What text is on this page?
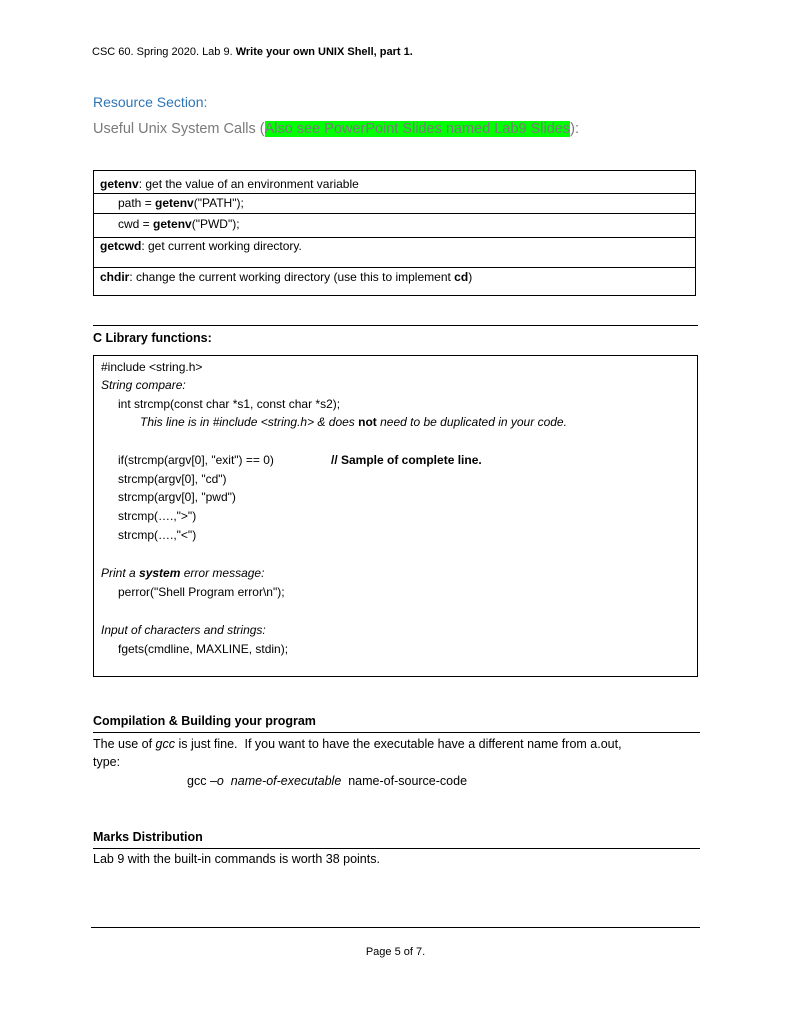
CSC 60. Spring 2020. Lab 9. Write your own UNIX Shell, part 1.
Resource Section:
Useful Unix System Calls (Also see PowerPoint Slides named Lab9 Slides):
getenv: get the value of an environment variable
path = getenv("PATH");
cwd = getenv("PWD");
getcwd: get current working directory.
chdir: change the current working directory (use this to implement cd)
C Library functions:
#include <string.h>
String compare:
int strcmp(const char *s1, const char *s2);
This line is in #include <string.h> & does not need to be duplicated in your code.
if(strcmp(argv[0], "exit") == 0)	// Sample of complete line.
strcmp(argv[0], "cd")
strcmp(argv[0], "pwd")
strcmp(….,">")
strcmp(….,"<")
Print a system error message:
perror("Shell Program error\n");
Input of characters and strings:
fgets(cmdline, MAXLINE, stdin);
Compilation & Building your program
The use of gcc is just fine.  If you want to have the executable have a different name from a.out,
type:
gcc –o  name-of-executable  name-of-source-code
Marks Distribution
Lab 9 with the built-in commands is worth 38 points.
Page 5 of 7.
